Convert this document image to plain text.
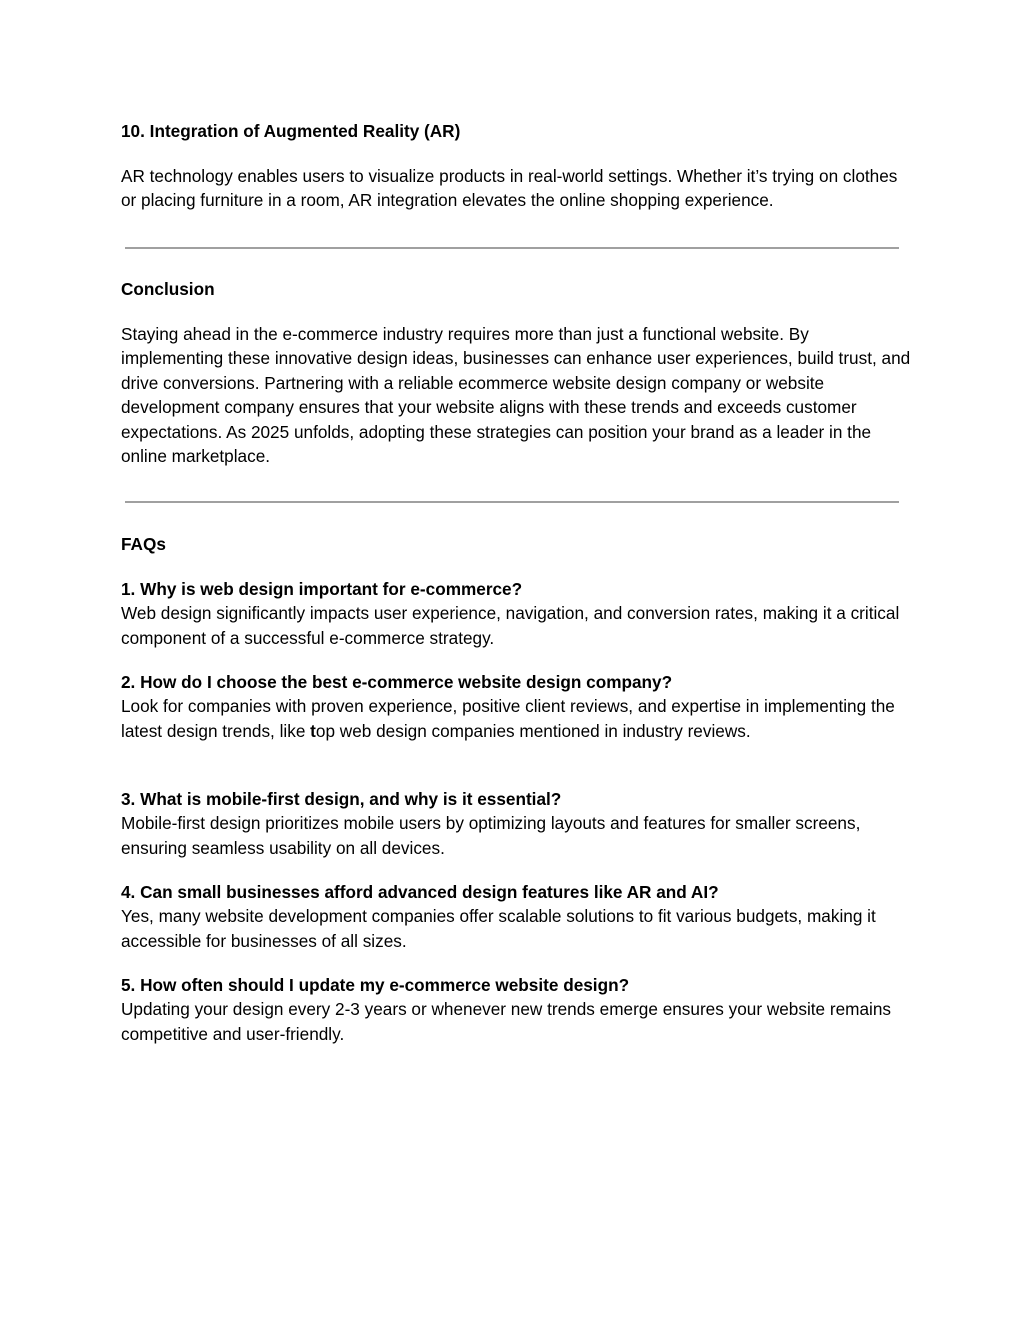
10. Integration of Augmented Reality (AR)

AR technology enables users to visualize products in real-world settings. Whether it’s trying on clothes or placing furniture in a room, AR integration elevates the online shopping experience.

Conclusion

Staying ahead in the e-commerce industry requires more than just a functional website. By implementing these innovative design ideas, businesses can enhance user experiences, build trust, and drive conversions. Partnering with a reliable ecommerce website design company or website development company ensures that your website aligns with these trends and exceeds customer expectations. As 2025 unfolds, adopting these strategies can position your brand as a leader in the online marketplace.

FAQs

1. Why is web design important for e-commerce?

Web design significantly impacts user experience, navigation, and conversion rates, making it a critical component of a successful e-commerce strategy.

2. How do I choose the best e-commerce website design company?

Look for companies with proven experience, positive client reviews, and expertise in implementing the latest design trends, like top web design companies mentioned in industry reviews.

3. What is mobile-first design, and why is it essential?

Mobile-first design prioritizes mobile users by optimizing layouts and features for smaller screens, ensuring seamless usability on all devices.

4. Can small businesses afford advanced design features like AR and AI?

Yes, many website development companies offer scalable solutions to fit various budgets, making it accessible for businesses of all sizes.

5. How often should I update my e-commerce website design?

Updating your design every 2-3 years or whenever new trends emerge ensures your website remains competitive and user-friendly.
